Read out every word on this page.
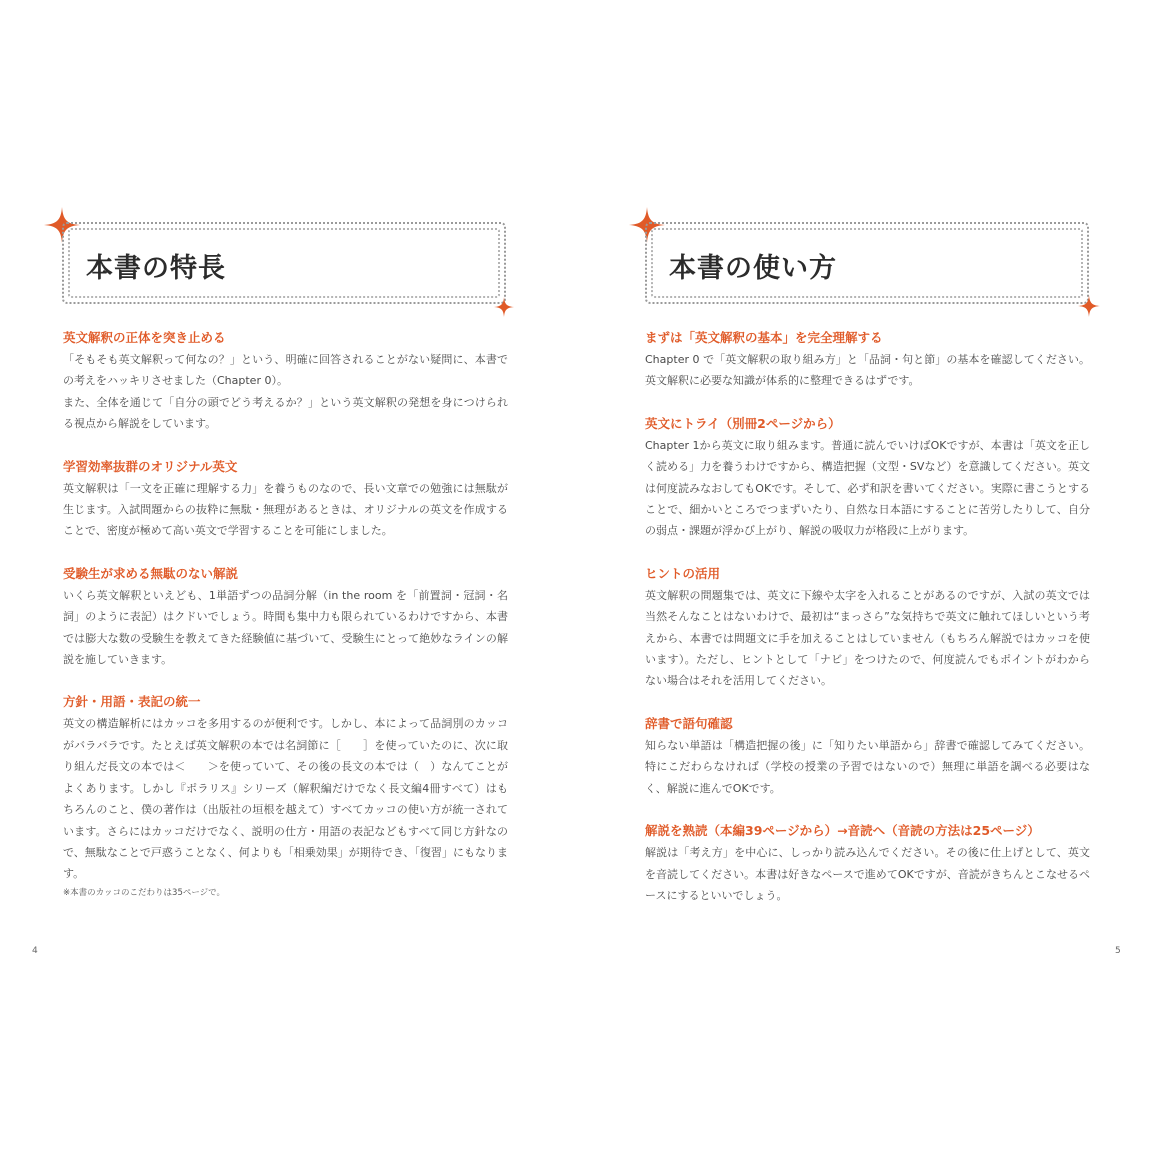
本書の特長
英文解釈の正体を突き止める
「そもそも英文解釈って何なの？」という、明確に回答されることがない疑問に、本書での考えをハッキリさせました（Chapter 0）。
また、全体を通じて「自分の頭でどう考えるか？」という英文解釈の発想を身につけられる視点から解説をしています。
学習効率抜群のオリジナル英文
英文解釈は「一文を正確に理解する力」を養うものなので、長い文章での勉強には無駄が生じます。入試問題からの抜粋に無駄・無理があるときは、オリジナルの英文を作成することで、密度が極めて高い英文で学習することを可能にしました。
受験生が求める無駄のない解説
いくら英文解釈といえども、1単語ずつの品詞分解（in the room を「前置詞・冠詞・名詞」のように表記）はクドいでしょう。時間も集中力も限られているわけですから、本書では膨大な数の受験生を教えてきた経験値に基づいて、受験生にとって絶妙なラインの解説を施していきます。
方針・用語・表記の統一
英文の構造解析にはカッコを多用するのが便利です。しかし、本によって品詞別のカッコがバラバラです。たとえば英文解釈の本では名詞節に［　　］を使っていたのに、次に取り組んだ長文の本では＜　　＞を使っていて、その後の長文の本では（　）なんてことがよくあります。しかし『ポラリス』シリーズ（解釈編だけでなく長文編4冊すべて）はもちろんのこと、僕の著作は（出版社の垣根を越えて）すべてカッコの使い方が統一されています。さらにはカッコだけでなく、説明の仕方・用語の表記などもすべて同じ方針なので、無駄なことで戸惑うことなく、何よりも「相乗効果」が期待でき、「復習」にもなります。
※本書のカッコのこだわりは35ページで。
4
本書の使い方
まずは「英文解釈の基本」を完全理解する
Chapter 0 で「英文解釈の取り組み方」と「品詞・句と節」の基本を確認してください。英文解釈に必要な知識が体系的に整理できるはずです。
英文にトライ（別冊2ページから）
Chapter 1から英文に取り組みます。普通に読んでいけばOKですが、本書は「英文を正しく読める」力を養うわけですから、構造把握（文型・SVなど）を意識してください。英文は何度読みなおしてもOKです。そして、必ず和訳を書いてください。実際に書こうとすることで、細かいところでつまずいたり、自然な日本語にすることに苦労したりして、自分の弱点・課題が浮かび上がり、解説の吸収力が格段に上がります。
ヒントの活用
英文解釈の問題集では、英文に下線や太字を入れることがあるのですが、入試の英文では当然そんなことはないわけで、最初は“まっさら”な気持ちで英文に触れてほしいという考えから、本書では問題文に手を加えることはしていません（もちろん解説ではカッコを使います）。ただし、ヒントとして「ナビ」をつけたので、何度読んでもポイントがわからない場合はそれを活用してください。
辞書で語句確認
知らない単語は「構造把握の後」に「知りたい単語から」辞書で確認してみてください。特にこだわらなければ（学校の授業の予習ではないので）無理に単語を調べる必要はなく、解説に進んでOKです。
解説を熟読（本編39ページから）→音読へ（音読の方法は25ページ）
解説は「考え方」を中心に、しっかり読み込んでください。その後に仕上げとして、英文を音読してください。本書は好きなペースで進めてOKですが、音読がきちんとこなせるペースにするといいでしょう。
5
